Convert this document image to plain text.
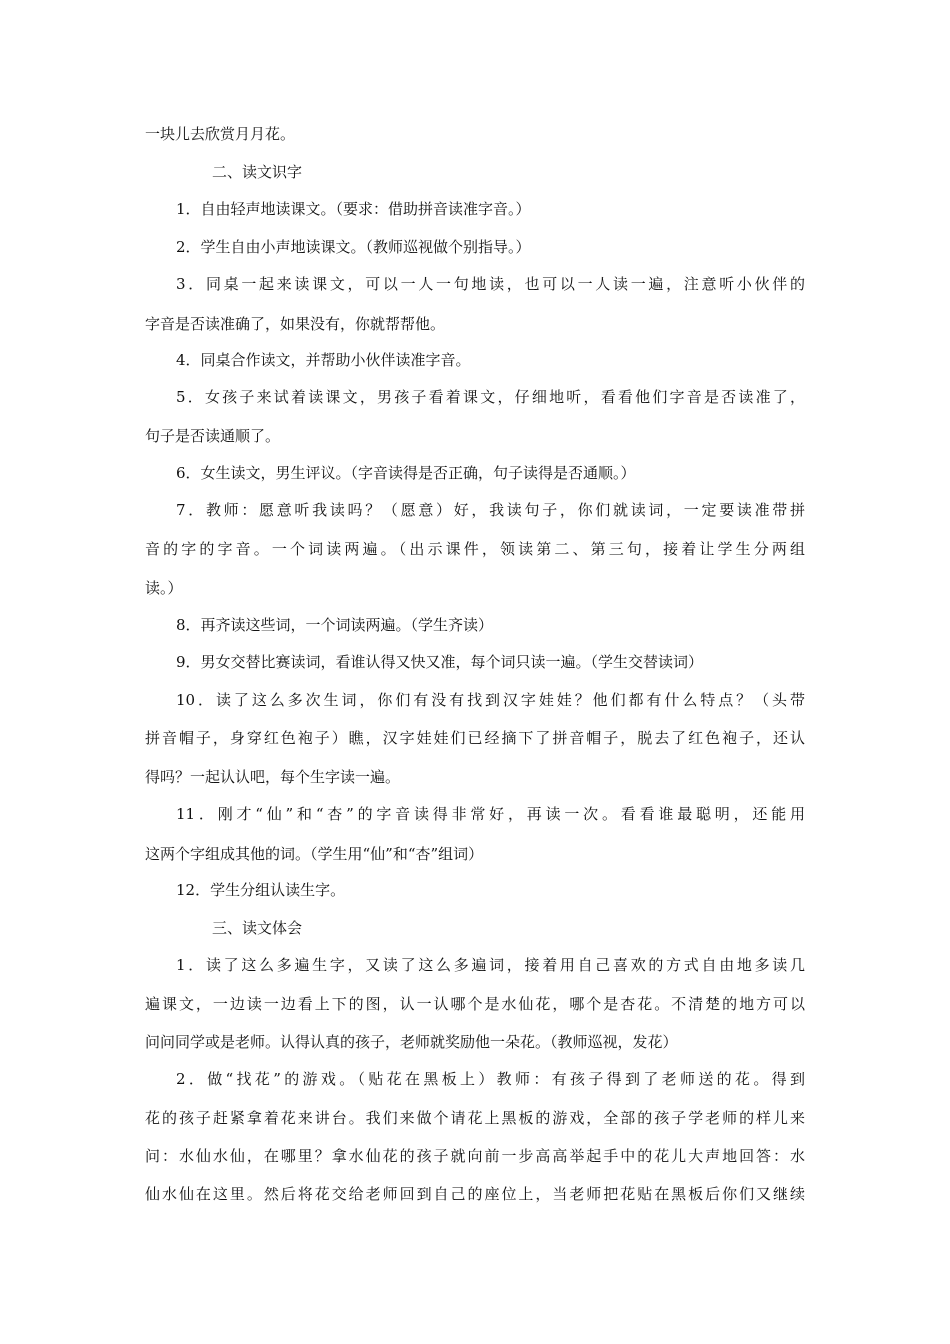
一块儿去欣赏月月花。
二、读文识字
1．自由轻声地读课文。（要求：借助拼音读准字音。）
2．学生自由小声地读课文。（教师巡视做个别指导。）
3．同桌一起来读课文，可以一人一句地读，也可以一人读一遍，注意听小伙伴的
字音是否读准确了，如果没有，你就帮帮他。
4．同桌合作读文，并帮助小伙伴读准字音。
5．女孩子来试着读课文，男孩子看着课文，仔细地听，看看他们字音是否读准了，
句子是否读通顺了。
6．女生读文，男生评议。（字音读得是否正确，句子读得是否通顺。）
7．教师：愿意听我读吗？（愿意）好，我读句子，你们就读词，一定要读准带拼
音的字的字音。一个词读两遍。（出示课件，领读第二、第三句，接着让学生分两组
读。）
8．再齐读这些词，一个词读两遍。（学生齐读）
9．男女交替比赛读词，看谁认得又快又准，每个词只读一遍。（学生交替读词）
10．读了这么多次生词，你们有没有找到汉字娃娃？他们都有什么特点？（头带
拼音帽子，身穿红色袍子）瞧，汉字娃娃们已经摘下了拼音帽子，脱去了红色袍子，还认
得吗？一起认认吧，每个生字读一遍。
11．刚才“仙”和“杏”的字音读得非常好，再读一次。看看谁最聪明，还能用
这两个字组成其他的词。（学生用“仙”和“杏”组词）
12．学生分组认读生字。
三、读文体会
1．读了这么多遍生字，又读了这么多遍词，接着用自己喜欢的方式自由地多读几
遍课文，一边读一边看上下的图，认一认哪个是水仙花，哪个是杏花。不清楚的地方可以
问问同学或是老师。认得认真的孩子，老师就奖励他一朵花。（教师巡视，发花）
2．做“找花”的游戏。（贴花在黑板上）教师：有孩子得到了老师送的花。得到
花的孩子赶紧拿着花来讲台。我们来做个请花上黑板的游戏，全部的孩子学老师的样儿来
问：水仙水仙，在哪里？拿水仙花的孩子就向前一步高高举起手中的花儿大声地回答：水
仙水仙在这里。然后将花交给老师回到自己的座位上，当老师把花贴在黑板后你们又继续
